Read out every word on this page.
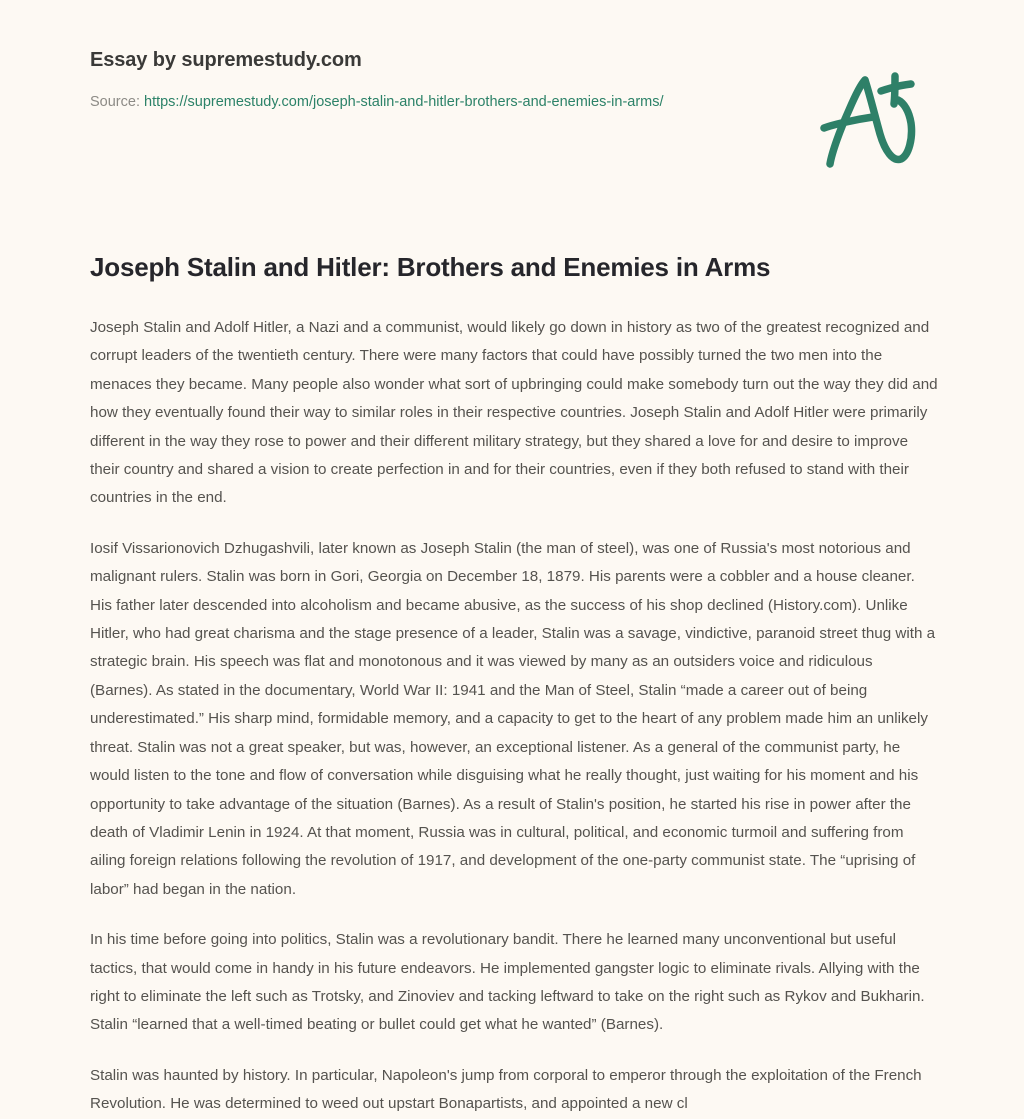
Essay by supremestudy.com
Source: https://supremestudy.com/joseph-stalin-and-hitler-brothers-and-enemies-in-arms/
Joseph Stalin and Hitler: Brothers and Enemies in Arms

Joseph Stalin and Adolf Hitler, a Nazi and a communist, would likely go down in history as two of the greatest recognized and corrupt leaders of the twentieth century. There were many factors that could have possibly turned the two men into the menaces they became. Many people also wonder what sort of upbringing could make somebody turn out the way they did and how they eventually found their way to similar roles in their respective countries. Joseph Stalin and Adolf Hitler were primarily different in the way they rose to power and their different military strategy, but they shared a love for and desire to improve their country and shared a vision to create perfection in and for their countries, even if they both refused to stand with their countries in the end.

Iosif Vissarionovich Dzhugashvili, later known as Joseph Stalin (the man of steel), was one of Russia's most notorious and malignant rulers. Stalin was born in Gori, Georgia on December 18, 1879. His parents were a cobbler and a house cleaner. His father later descended into alcoholism and became abusive, as the success of his shop declined (History.com). Unlike Hitler, who had great charisma and the stage presence of a leader, Stalin was a savage, vindictive, paranoid street thug with a strategic brain. His speech was flat and monotonous and it was viewed by many as an outsiders voice and ridiculous (Barnes). As stated in the documentary, World War II: 1941 and the Man of Steel, Stalin “made a career out of being underestimated.” His sharp mind, formidable memory, and a capacity to get to the heart of any problem made him an unlikely threat. Stalin was not a great speaker, but was, however, an exceptional listener. As a general of the communist party, he would listen to the tone and flow of conversation while disguising what he really thought, just waiting for his moment and his opportunity to take advantage of the situation (Barnes). As a result of Stalin's position, he started his rise in power after the death of Vladimir Lenin in 1924. At that moment, Russia was in cultural, political, and economic turmoil and suffering from ailing foreign relations following the revolution of 1917, and development of the one-party communist state. The “uprising of labor” had began in the nation.

In his time before going into politics, Stalin was a revolutionary bandit. There he learned many unconventional but useful tactics, that would come in handy in his future endeavors. He implemented gangster logic to eliminate rivals. Allying with the right to eliminate the left such as Trotsky, and Zinoviev and tacking leftward to take on the right such as Rykov and Bukharin. Stalin “learned that a well-timed beating or bullet could get what he wanted” (Barnes).

Stalin was haunted by history. In particular, Napoleon's jump from corporal to emperor through the exploitation of the French Revolution. He was determined to weed out upstart Bonapartists, and appointed a new cl
